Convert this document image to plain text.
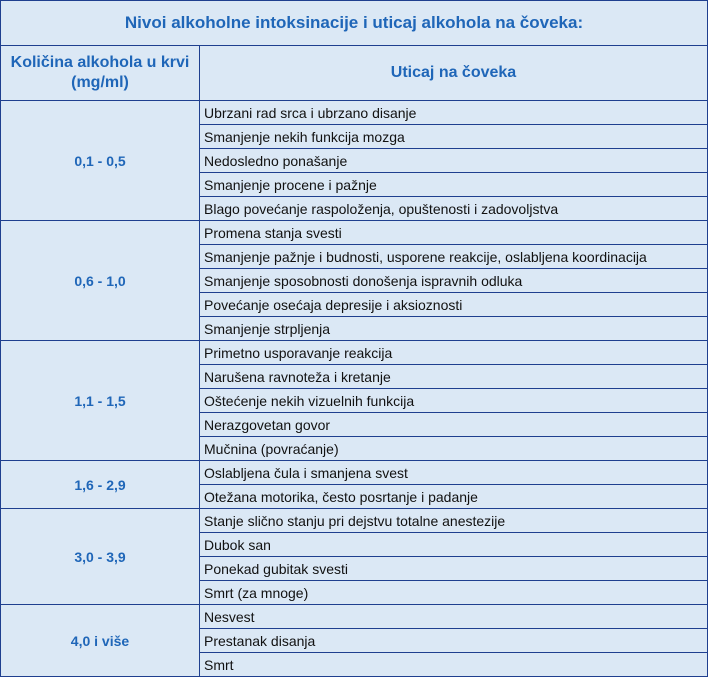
Nivoi alkoholne intoksinacije i uticaj alkohola na čoveka:	
Količina alkohola u krvi (mg/ml)	Uticaj na čoveka
0,1 - 0,5	Ubrzani rad srca i ubrzano disanje
	Smanjenje nekih funkcija mozga
	Nedosledno ponašanje
	Smanjenje procene i pažnje
	Blago povećanje raspoloženja, opuštenosti i zadovoljstva
0,6 - 1,0	Promena stanja svesti
	Smanjenje pažnje i budnosti, usporene reakcije, oslabljena koordinacija
	Smanjenje sposobnosti donošenja ispravnih odluka
	Povećanje osećaja depresije i aksioznosti
	Smanjenje strpljenja
1,1 - 1,5	Primetno usporavanje reakcija
	Narušena ravnoteža i kretanje
	Oštećenje nekih vizuelnih funkcija
	Nerazgovetan govor
	Mučnina (povraćanje)
1,6 - 2,9	Oslabljena čula i smanjena svest
	Otežana motorika, često posrtanje i padanje
3,0 - 3,9	Stanje slično stanju pri dejstvu totalne anestezije
	Dubok san
	Ponekad gubitak svesti
	Smrt (za mnoge)
4,0 i više	Nesvest
	Prestanak disanja
	Smrt
